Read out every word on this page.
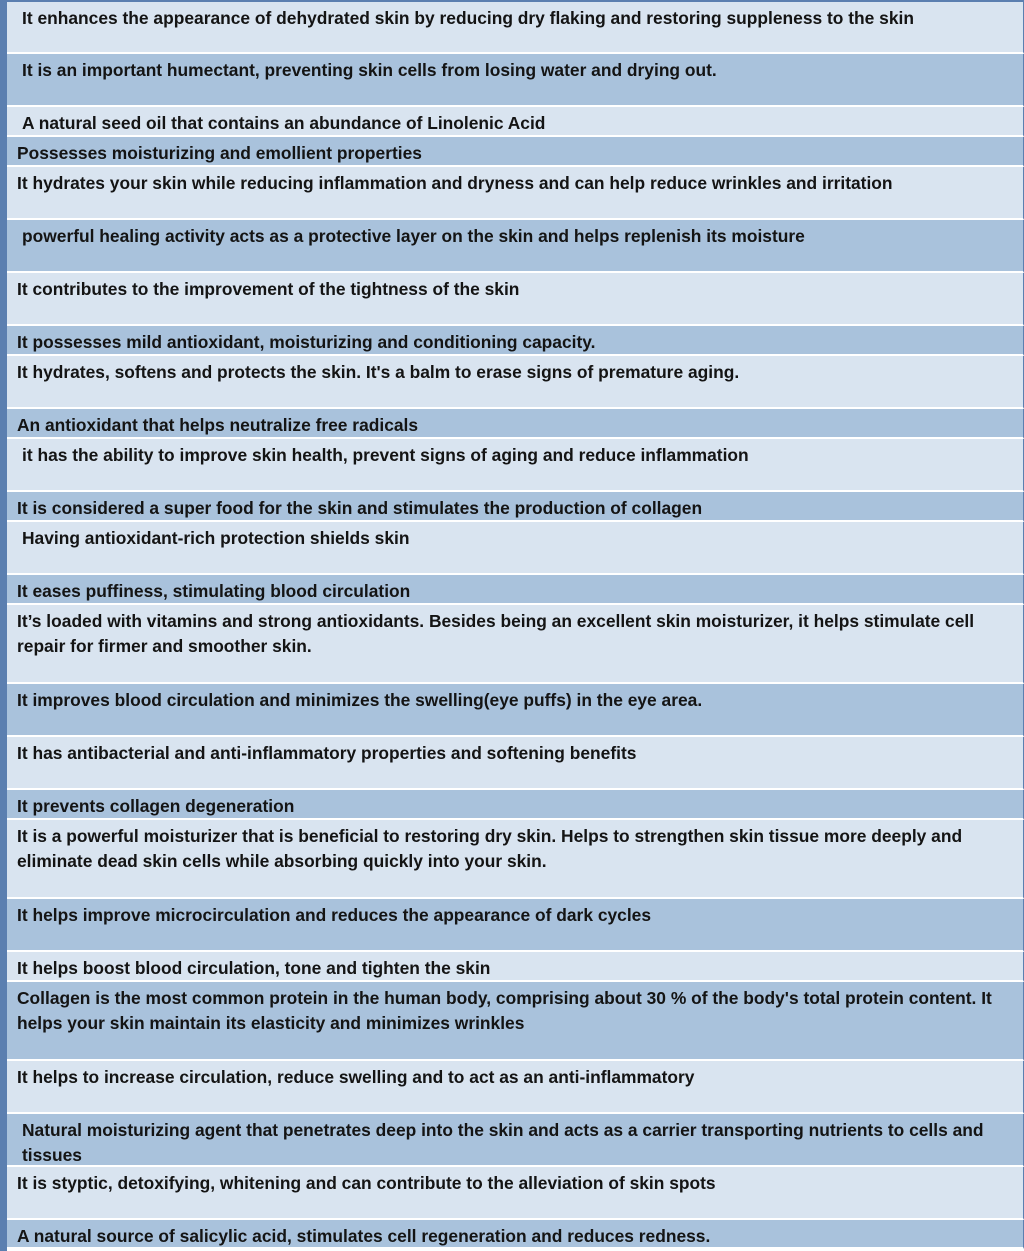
It enhances the appearance of dehydrated skin by reducing dry flaking and restoring suppleness to the skin
It is an important humectant, preventing skin cells from losing water and drying out.
A natural seed oil that contains an abundance of Linolenic Acid
Possesses moisturizing and emollient properties
It hydrates your skin while reducing inflammation and dryness and can help reduce wrinkles and irritation
powerful healing activity acts as a protective layer on the skin and helps replenish its moisture
It contributes to the improvement of the tightness of the skin
It possesses mild antioxidant, moisturizing and conditioning capacity.
It hydrates, softens and protects the skin. It's a balm to erase signs of premature aging.
An antioxidant that helps neutralize free radicals
it has the ability to improve skin health, prevent signs of aging and reduce inflammation
It is considered a super food for the skin and stimulates the production of collagen
Having antioxidant-rich protection shields skin
It eases puffiness, stimulating blood circulation
It’s loaded with vitamins and strong antioxidants. Besides being an excellent skin moisturizer, it helps stimulate cell repair for firmer and smoother skin.
It improves blood circulation and minimizes the swelling(eye puffs) in the eye area.
It has antibacterial and anti-inflammatory properties and softening benefits
It prevents collagen degeneration
It is a powerful moisturizer that is beneficial to restoring dry skin. Helps to strengthen skin tissue more deeply and eliminate dead skin cells while absorbing quickly into your skin.
It helps improve microcirculation and reduces the appearance of dark cycles
It helps boost blood circulation, tone and tighten the skin
Collagen is the most common protein in the human body, comprising about 30 % of the body's total protein content. It helps your skin maintain its elasticity and minimizes wrinkles
It helps to increase circulation, reduce swelling and to act as an anti-inflammatory
Natural moisturizing agent that penetrates deep into the skin and acts as a carrier transporting nutrients to cells and tissues
It is styptic, detoxifying, whitening and can contribute to the alleviation of skin spots
A natural source of salicylic acid, stimulates cell regeneration and reduces redness.
